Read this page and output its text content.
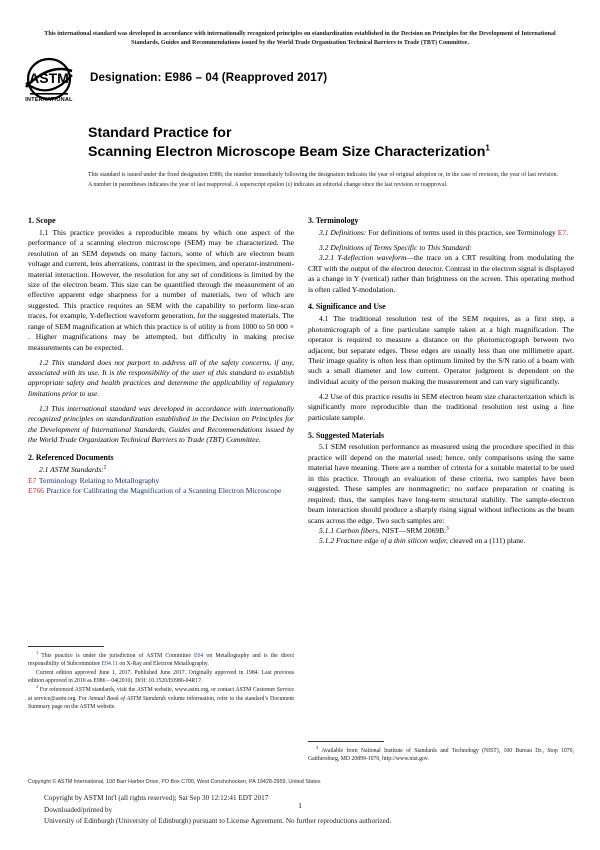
This international standard was developed in accordance with internationally recognized principles on standardization established in the Decision on Principles for the Development of International Standards, Guides and Recommendations issued by the World Trade Organization Technical Barriers to Trade (TBT) Committee.
ASTM
INTERNATIONAL
Designation: E986 – 04 (Reapproved 2017)
Standard Practice for
Scanning Electron Microscope Beam Size Characterization$^1$
This standard is issued under the fixed designation E986; the number immediately following the designation indicates the year of original adoption or, in the case of revision, the year of last revision. A number in parentheses indicates the year of last reapproval. A superscript epsilon (ε) indicates an editorial change since the last revision or reapproval.
1. Scope

1.1 This practice provides a reproducible means by which one aspect of the performance of a scanning electron microscope (SEM) may be characterized. The resolution of an SEM depends on many factors, some of which are electron beam voltage and current, lens aberrations, contrast in the specimen, and operator-instrument-material interaction. However, the resolution for any set of conditions is limited by the size of the electron beam. This size can be quantified through the measurement of an effective apparent edge sharpness for a number of materials, two of which are suggested. This practice requires an SEM with the capability to perform line-scan traces, for example, Y-deflection waveform generation, for the suggested materials. The range of SEM magnification at which this practice is of utility is from 1000 to 50 000 × . Higher magnifications may be attempted, but difficulty in making precise measurements can be expected.

1.2 This standard does not purport to address all of the safety concerns, if any, associated with its use. It is the responsibility of the user of this standard to establish appropriate safety and health practices and determine the applicability of regulatory limitations prior to use.

1.3 This international standard was developed in accordance with internationally recognized principles on standardization established in the Decision on Principles for the Development of International Standards, Guides and Recommendations issued by the World Trade Organization Technical Barriers to Trade (TBT) Committee.

2. Referenced Documents

2.1 ASTM Standards:$^2$

E7 Terminology Relating to Metallography
E766 Practice for Calibrating the Magnification of a Scanning Electron Microscope
3. Terminology

3.1 Definitions: For definitions of terms used in this practice, see Terminology E7.

3.2 Definitions of Terms Specific to This Standard:

3.2.1 Y-deflection waveform—the trace on a CRT resulting from modulating the CRT with the output of the electron detector. Contrast in the electron signal is displayed as a change in Y (vertical) rather than brightness on the screen. This operating method is often called Y-modulation.

4. Significance and Use

4.1 The traditional resolution test of the SEM requires, as a first step, a photomicrograph of a fine particulate sample taken at a high magnification. The operator is required to measure a distance on the photomicrograph between two adjacent, but separate edges. These edges are usually less than one millimetre apart. Their image quality is often less than optimum limited by the S/N ratio of a beam with such a small diameter and low current. Operator judgment is dependent on the individual acuity of the person making the measurement and can vary significantly.

4.2 Use of this practice results in SEM electron beam size characterization which is significantly more reproducible than the traditional resolution test using a fine particulate sample.

5. Suggested Materials

5.1 SEM resolution performance as measured using the procedure specified in this practice will depend on the material used; hence, only comparisons using the same material have meaning. There are a number of criteria for a suitable material to be used in this practice. Through an evaluation of these criteria, two samples have been suggested. These samples are nonmagnetic; no surface preparation or coating is required; thus, the samples have long-term structural stability. The sample-electron beam interaction should produce a sharply rising signal without inflections as the beam scans across the edge. Two such samples are:

5.1.1 Carbon fibers, NIST—SRM 2069B.$^3$

5.1.2 Fracture edge of a thin silicon wafer, cleaved on a (111) plane.

$^1$ This practice is under the jurisdiction of ASTM Committee E04 on Metallography and is the direct responsibility of Subcommittee E04.11 on X-Ray and Electron Metallography.

Current edition approved June 1, 2017. Published June 2017. Originally approved in 1984. Last previous edition approved in 2010 as E986 – 04(2010). DOI: 10.1520/E0986-04R17.

$^2$ For referenced ASTM standards, visit the ASTM website, www.astm.org, or contact ASTM Customer Service at service@astm.org. For Annual Book of ASTM Standards volume information, refer to the standard’s Document Summary page on the ASTM website.

$^3$ Available from National Institute of Standards and Technology (NIST), 100 Bureau Dr., Stop 1070, Gaithersburg, MD 20899-1070, http://www.nist.gov.

Copyright © ASTM International, 100 Barr Harbor Drive, PO Box C700, West Conshohocken, PA 19428-2959, United States
Copyright by ASTM Int'l (all rights reserved); Sat Sep 30 12:12:41 EDT 2017
Downloaded/printed by
University of Edinburgh (University of Edinburgh) pursuant to License Agreement. No further reproductions authorized.
1
